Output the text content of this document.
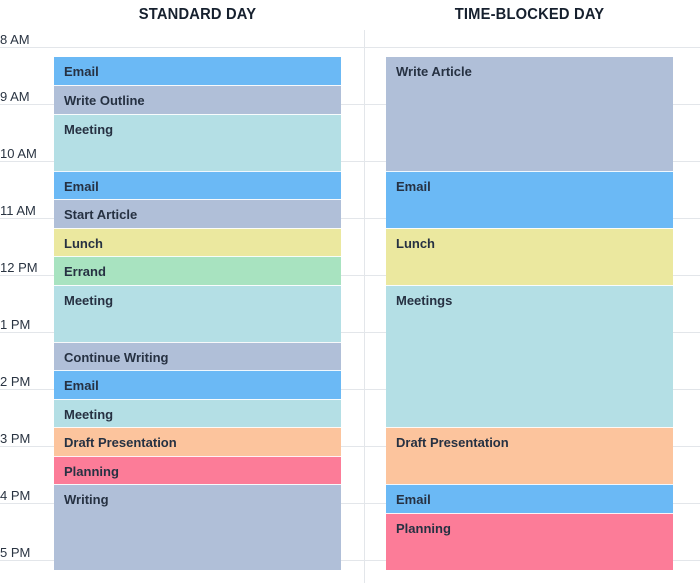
STANDARD DAY	TIME-BLOCKED DAY
8 AM
9 AM
10 AM
11 AM
12 PM
1 PM
2 PM
3 PM
4 PM
5 PM
Email
Write Outline
Meeting
Email
Start Article
Lunch
Errand
Meeting
Continue Writing
Email
Meeting
Draft Presentation
Planning
Writing
Write Article
Email
Lunch
Meetings
Draft Presentation
Email
Planning
